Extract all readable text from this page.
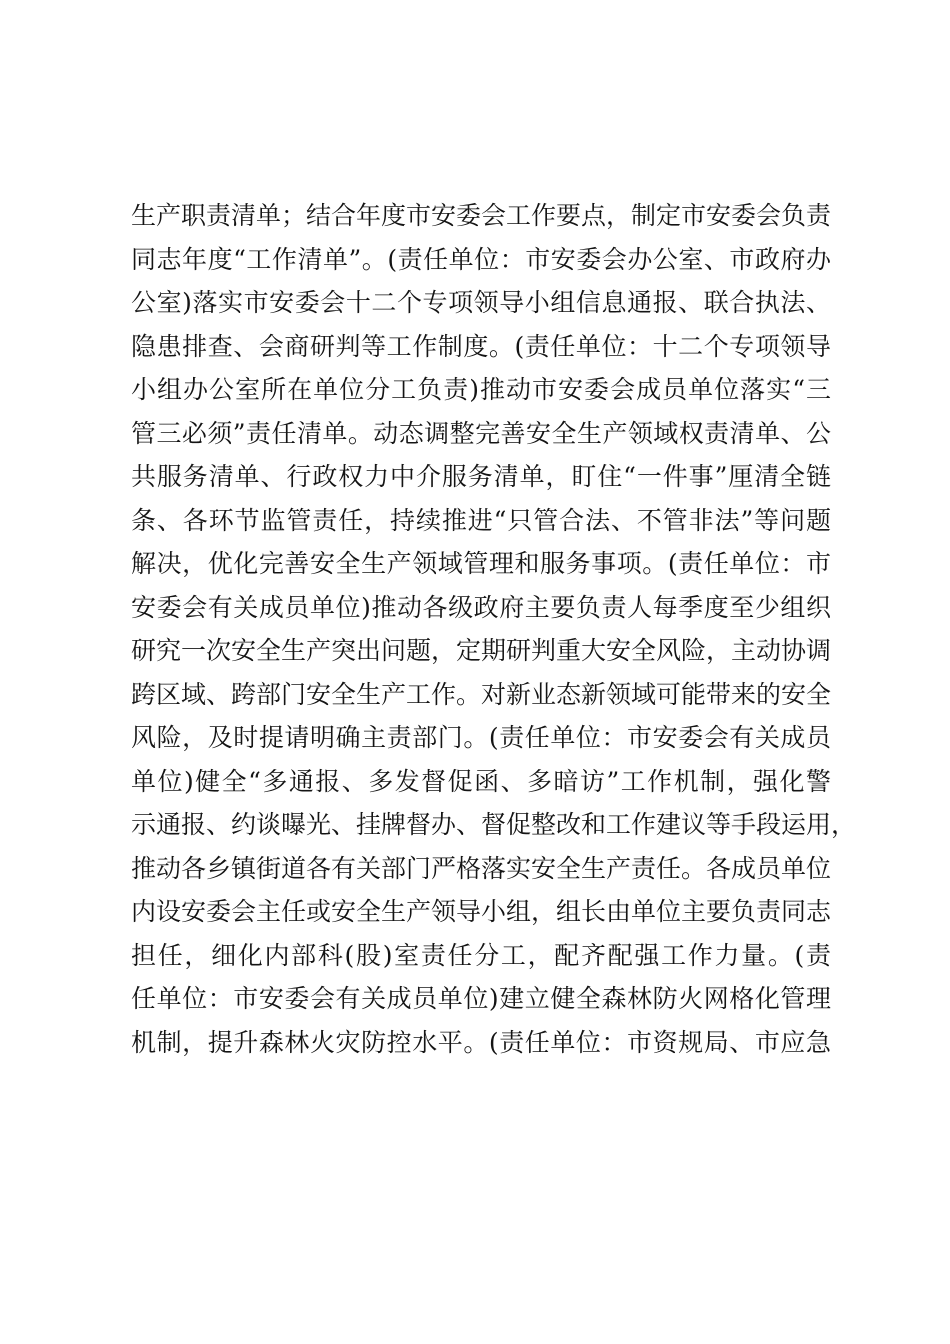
生产职责清单；结合年度市安委会工作要点，制定市安委会负责
同志年度“工作清单”。(责任单位：市安委会办公室、市政府办
公室)落实市安委会十二个专项领导小组信息通报、联合执法、
隐患排查、会商研判等工作制度。(责任单位：十二个专项领导
小组办公室所在单位分工负责)推动市安委会成员单位落实“三
管三必须”责任清单。动态调整完善安全生产领域权责清单、公
共服务清单、行政权力中介服务清单，盯住“一件事”厘清全链
条、各环节监管责任，持续推进“只管合法、不管非法”等问题
解决，优化完善安全生产领域管理和服务事项。(责任单位：市
安委会有关成员单位)推动各级政府主要负责人每季度至少组织
研究一次安全生产突出问题，定期研判重大安全风险，主动协调
跨区域、跨部门安全生产工作。对新业态新领域可能带来的安全
风险，及时提请明确主责部门。(责任单位：市安委会有关成员
单位)健全“多通报、多发督促函、多暗访”工作机制，强化警
示通报、约谈曝光、挂牌督办、督促整改和工作建议等手段运用，
推动各乡镇街道各有关部门严格落实安全生产责任。各成员单位
内设安委会主任或安全生产领导小组，组长由单位主要负责同志
担任，细化内部科(股)室责任分工，配齐配强工作力量。(责
任单位：市安委会有关成员单位)建立健全森林防火网格化管理
机制，提升森林火灾防控水平。(责任单位：市资规局、市应急
